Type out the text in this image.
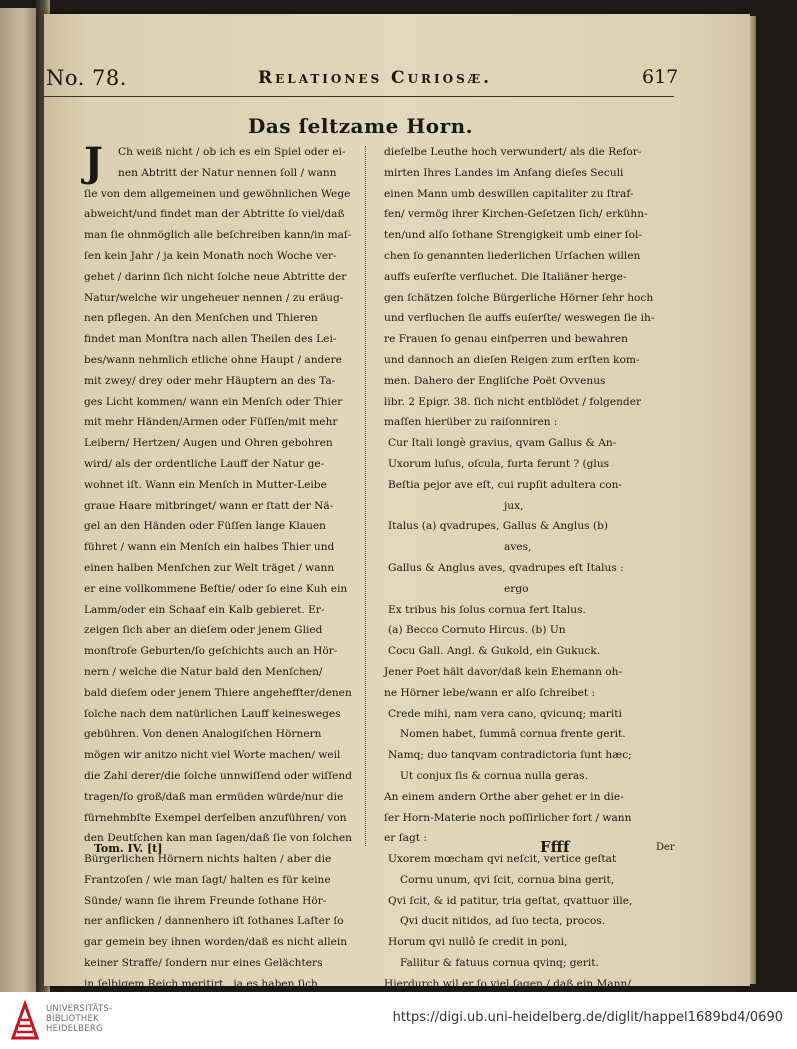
No. 78.	Relationes Curiosæ.	617
Das ſeltzame Horn.
J	Ch weiß nicht / ob ich es ein Spiel oder ei-
nen Abtritt der Natur nennen ſoll / wann
ſie von dem allgemeinen und gewöhnlichen Wege
abweicht/und findet man der Abtritte ſo viel/daß
man ſie ohnmöglich alle beſchreiben kann/in maſ-
ſen kein Jahr / ja kein Monath noch Woche ver-
gehet / darinn ſich nicht ſolche neue Abtritte der
Natur/welche wir ungeheuer nennen / zu eräug-
nen pflegen. An den Menſchen und Thieren
findet man Monſtra nach allen Theilen des Lei-
bes/wann nehmlich etliche ohne Haupt / andere
mit zwey/ drey oder mehr Häuptern an des Ta-
ges Licht kommen/ wann ein Menſch oder Thier
mit mehr Händen/Armen oder Füſſen/mit mehr
Leibern/ Hertzen/ Augen und Ohren gebohren
wird/ als der ordentliche Lauff der Natur ge-
wohnet iſt. Wann ein Menſch in Mutter-Leibe
graue Haare mitbringet/ wann er ſtatt der Nä-
gel an den Händen oder Füſſen lange Klauen
führet / wann ein Menſch ein halbes Thier und
einen halben Menſchen zur Welt träget / wann
er eine vollkommene Beſtie/ oder ſo eine Kuh ein
Lamm/oder ein Schaaf ein Kalb gebieret. Er-
zeigen ſich aber an dieſem oder jenem Glied
monſtroſe Geburten/ſo geſchichts auch an Hör-
nern / welche die Natur bald den Menſchen/
bald dieſem oder jenem Thiere angeheffter/denen
ſolche nach dem natürlichen Lauff keinesweges
gebühren. Von denen Analogiſchen Hörnern
mögen wir anitzo nicht viel Worte machen/ weil
die Zahl derer/die ſolche unnwiſſend oder wiſſend
tragen/ſo groß/daß man ermüden würde/nur die
fürnehmbſte Exempel derſelben anzuführen/ von
den Deutſchen kan man ſagen/daß ſie von ſolchen
Bürgerlichen Hörnern nichts halten / aber die
Frantzoſen / wie man ſagt/ halten es für keine
Sünde/ wann ſie ihrem Freunde ſothane Hör-
ner anflicken / dannenhero iſt ſothanes Laſter ſo
gar gemein bey ihnen worden/daß es nicht allein
keiner Straffe/ ſondern nur eines Gelächters
in ſelbigem Reich meritirt , ja es haben ſich
dieſelbe Leuthe hoch verwundert/ als die Refor-
mirten Ihres Landes im Anfang dieſes Seculi
einen Mann umb deswillen capitaliter zu ſtraf-
fen/ vermög ihrer Kirchen-Geſetzen ſich/ erkühn-
ten/und alſo ſothane Strengigkeit umb einer ſol-
chen ſo genannten liederlichen Urſachen willen
auffs euſerſte verfluchet. Die Italiäner herge-
gen ſchätzen ſolche Bürgerliche Hörner ſehr hoch
und verfluchen ſie auffs euſerſte/ weswegen ſie ih-
re Frauen ſo genau einſperren und bewahren
und dannoch an dieſen Reigen zum erſten kom-
men. Dahero der Engliſche Poët Ovvenus
libr. 2 Epigr. 38. ſich nicht entblödet / folgender
maſſen hierüber zu raiſonniren :
Cur Itali longè gravius, qvam Gallus & An-
Uxorum luſus, oſcula, furta ferunt ? (glus
Beſtia pejor ave eſt, cui rupſit adultera con-
jux,
Italus (a) qvadrupes, Gallus & Anglus (b)
aves,
Gallus & Anglus aves, qvadrupes eſt Italus :
ergo
Ex tribus his ſolus cornua fert Italus.
(a) Becco Cornuto Hircus. (b) Un
Cocu Gall. Angl. & Gukold, ein Gukuck.
Jener Poet hält davor/daß kein Ehemann oh-
ne Hörner lebe/wann er alſo ſchreibet :
Crede mihi, nam vera cano, qvicunq; mariti
Nomen habet, ſummâ cornua frente gerit.
Namq; duo tanqvam contradictoria ſunt hæc;
Ut conjux ſis & cornua nulla geras.
An einem andern Orthe aber gehet er in die-
ſer Horn-Materie noch poſſirlicher fort / wann
er ſagt :
Uxorem mœcham qvi neſcit, vertice geſtat
Cornu unum, qvi ſcit, cornua bina gerit,
Qvi ſcit, & id patitur, tria geſtat, qvattuor ille,
Qvi ducit nitidos, ad ſuo tecta, procos.
Horum qvi nullô ſe credit in poni,
Fallitur & fatuus cornua qvinq; gerit.
Hierdurch wil er ſo viel ſagen / daß ein Mann/
Tom. IV. [t]	Ffff	Der
UNIVERSITÄTS-
BIBLIOTHEK
HEIDELBERG
https://digi.ub.uni-heidelberg.de/diglit/happel1689bd4/0690
